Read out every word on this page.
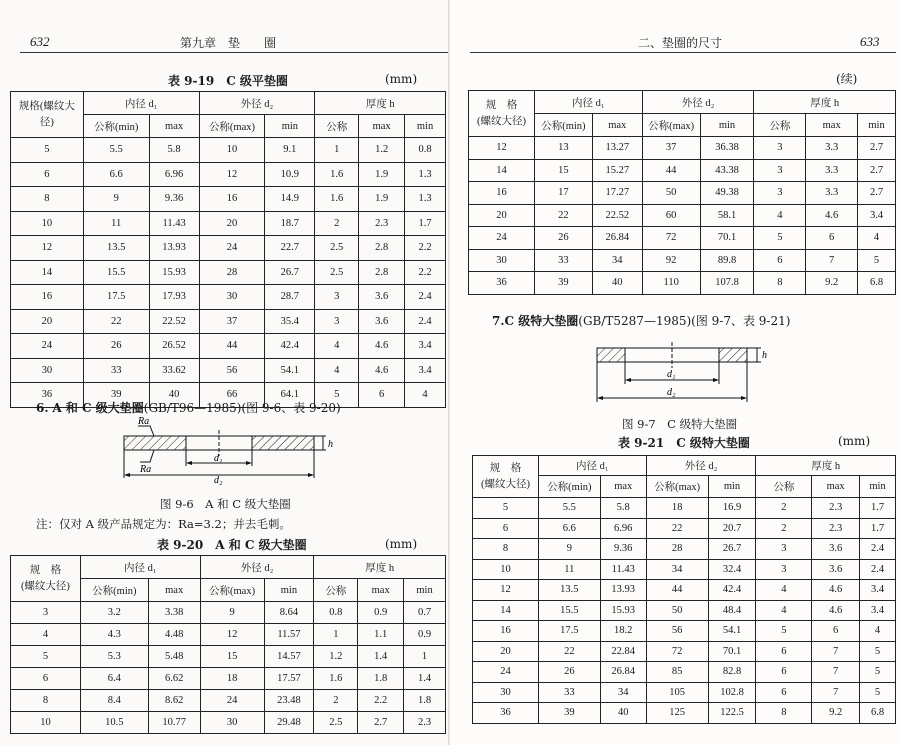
632	第九章　垫　　圈
表 9-19　C 级平垫圈	(mm)
规格(螺纹大径)	内径 d₁		外径 d₂		厚度 h		
	公称(min)	max	公称(max)	min	公称	max	min
5	5.5	5.8	10	9.1	1	1.2	0.8
6	6.6	6.96	12	10.9	1.6	1.9	1.3
8	9	9.36	16	14.9	1.6	1.9	1.3
10	11	11.43	20	18.7	2	2.3	1.7
12	13.5	13.93	24	22.7	2.5	2.8	2.2
14	15.5	15.93	28	26.7	2.5	2.8	2.2
16	17.5	17.93	30	28.7	3	3.6	2.4
20	22	22.52	37	35.4	3	3.6	2.4
24	26	26.52	44	42.4	4	4.6	3.4
30	33	33.62	56	54.1	4	4.6	3.4
36	39	40	66	64.1	5	6	4
6. A 和 C 级大垫圈(GB/T96—1985)(图 9-6、表 9-20)
Ra
Ra
d₁
d₂
h
图 9-6　A 和 C 级大垫圈
注：仅对 A 级产品规定为：Ra=3.2；并去毛刺。
表 9-20　A 和 C 级大垫圈	(mm)
规　格
(螺纹大径)	内径 d₁		外径 d₂		厚度 h		
	公称(min)	max	公称(max)	min	公称	max	min
3	3.2	3.38	9	8.64	0.8	0.9	0.7
4	4.3	4.48	12	11.57	1	1.1	0.9
5	5.3	5.48	15	14.57	1.2	1.4	1
6	6.4	6.62	18	17.57	1.6	1.8	1.4
8	8.4	8.62	24	23.48	2	2.2	1.8
10	10.5	10.77	30	29.48	2.5	2.7	2.3
二、垫圈的尺寸	633
(续)
规　格
(螺纹大径)	内径 d₁		外径 d₂		厚度 h		
	公称(min)	max	公称(max)	min	公称	max	min
12	13	13.27	37	36.38	3	3.3	2.7
14	15	15.27	44	43.38	3	3.3	2.7
16	17	17.27	50	49.38	3	3.3	2.7
20	22	22.52	60	58.1	4	4.6	3.4
24	26	26.84	72	70.1	5	6	4
30	33	34	92	89.8	6	7	5
36	39	40	110	107.8	8	9.2	6.8
7.C 级特大垫圈(GB/T5287—1985)(图 9-7、表 9-21)
d₁
d₂
h
图 9-7　C 级特大垫圈
表 9-21　C 级特大垫圈	(mm)
规　格
(螺纹大径)	内径 d₁		外径 d₂		厚度 h		
	公称(min)	max	公称(max)	min	公称	max	min
5	5.5	5.8	18	16.9	2	2.3	1.7
6	6.6	6.96	22	20.7	2	2.3	1.7
8	9	9.36	28	26.7	3	3.6	2.4
10	11	11.43	34	32.4	3	3.6	2.4
12	13.5	13.93	44	42.4	4	4.6	3.4
14	15.5	15.93	50	48.4	4	4.6	3.4
16	17.5	18.2	56	54.1	5	6	4
20	22	22.84	72	70.1	6	7	5
24	26	26.84	85	82.8	6	7	5
30	33	34	105	102.8	6	7	5
36	39	40	125	122.5	8	9.2	6.8
